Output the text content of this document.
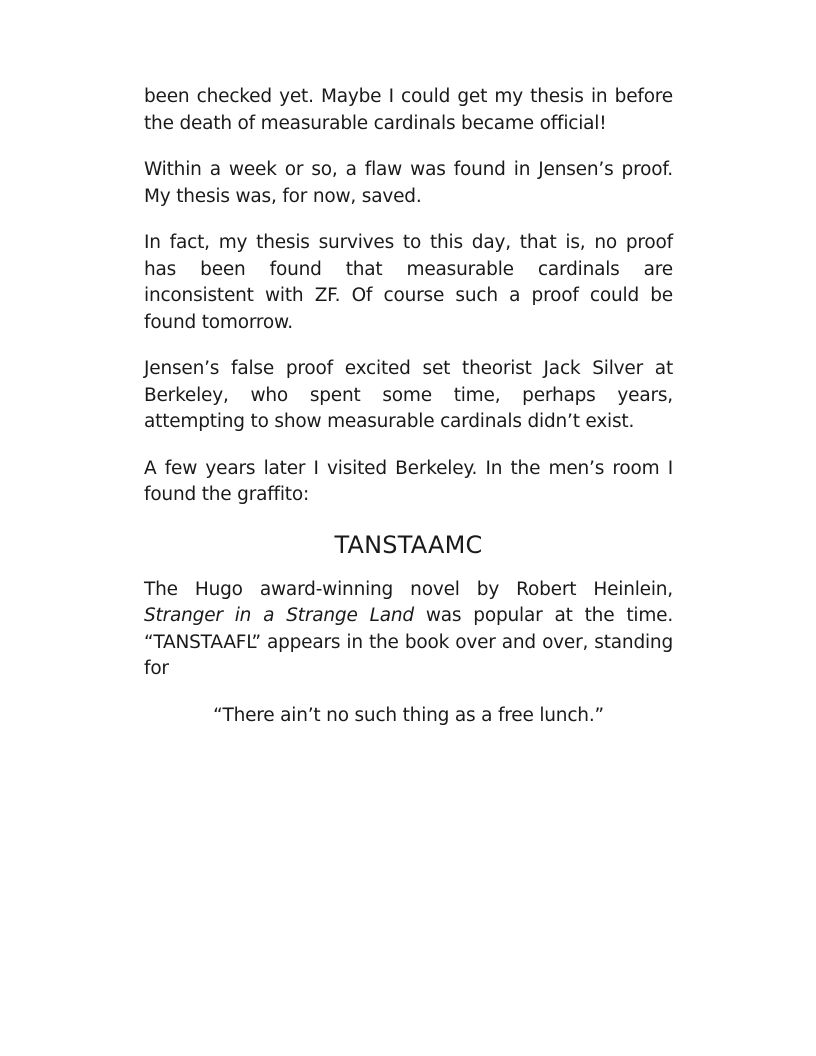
been checked yet. Maybe I could get my thesis in before the death of measurable cardinals became official!

Within a week or so, a flaw was found in Jensen’s proof. My thesis was, for now, saved.

In fact, my thesis survives to this day, that is, no proof has been found that measurable cardinals are inconsistent with ZF. Of course such a proof could be found tomorrow.

Jensen’s false proof excited set theorist Jack Silver at Berkeley, who spent some time, perhaps years, attempting to show measurable cardinals didn’t exist.

A few years later I visited Berkeley. In the men’s room I found the graffito:

TANSTAAMC

The Hugo award-winning novel by Robert Heinlein, Stranger in a Strange Land was popular at the time. “TANSTAAFL” appears in the book over and over, standing for

“There ain’t no such thing as a free lunch.”
